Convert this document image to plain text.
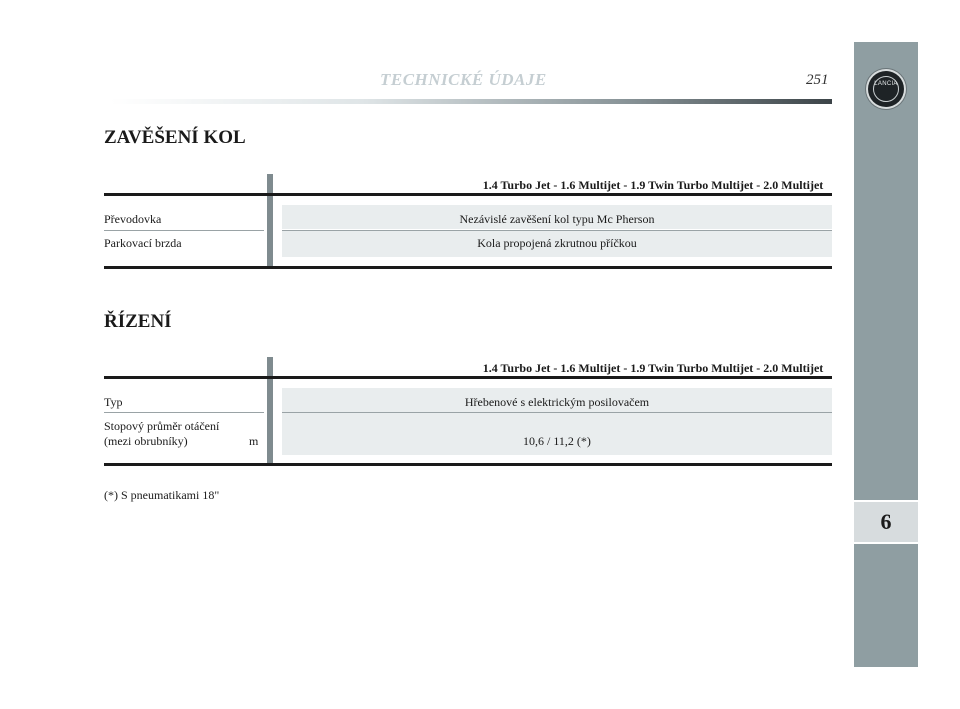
TECHNICKÉ ÚDAJE	251	LANCIA
6
ZAVĚŠENÍ KOL
1.4 Turbo Jet - 1.6 Multijet - 1.9 Twin Turbo Multijet - 2.0 Multijet
Převodovka	Nezávislé zavěšení kol typu Mc Pherson
Parkovací brzda	Kola propojená zkrutnou příčkou
ŘÍZENÍ
1.4 Turbo Jet - 1.6 Multijet - 1.9 Twin Turbo Multijet - 2.0 Multijet
Typ	Hřebenové s elektrickým posilovačem
Stopový průměr otáčení
(mezi obrubníky)	m	10,6 / 11,2 (*)
(*) S pneumatikami 18"
